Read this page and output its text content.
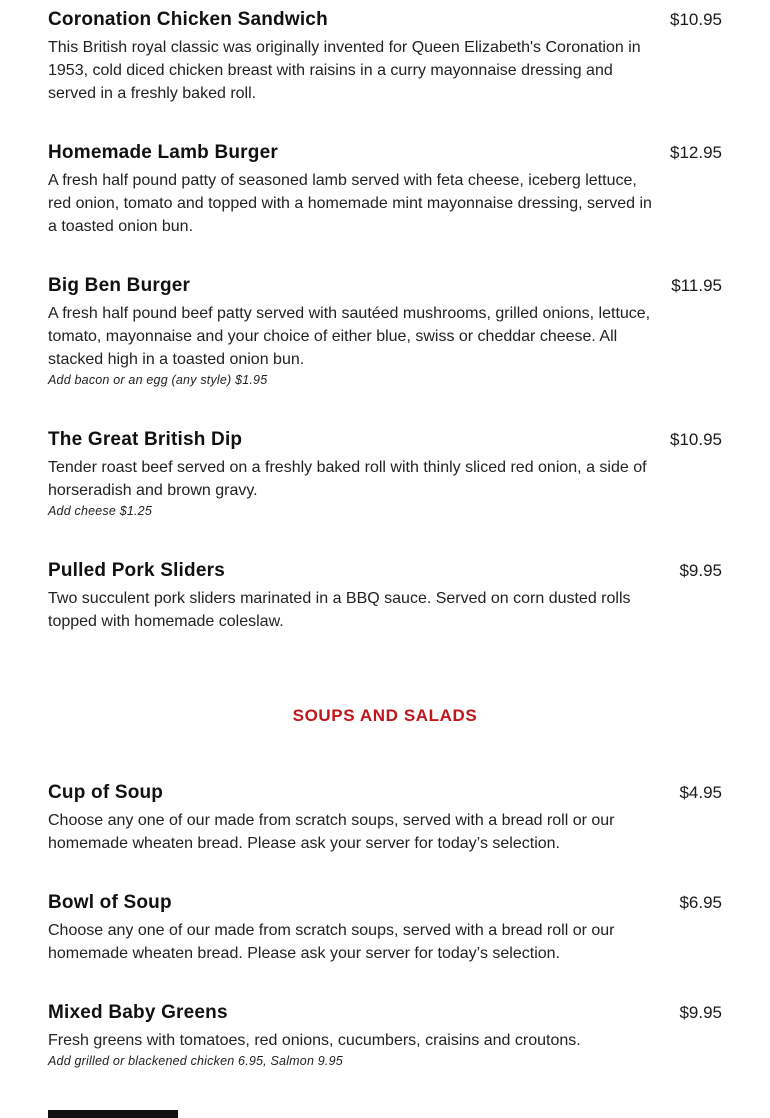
Coronation Chicken Sandwich	$10.95
This British royal classic was originally invented for Queen Elizabeth's Coronation in 1953, cold diced chicken breast with raisins in a curry mayonnaise dressing and served in a freshly baked roll.
Homemade Lamb Burger	$12.95
A fresh half pound patty of seasoned lamb served with feta cheese, iceberg lettuce, red onion, tomato and topped with a homemade mint mayonnaise dressing, served in a toasted onion bun.
Big Ben Burger	$11.95
A fresh half pound beef patty served with sautéed mushrooms, grilled onions, lettuce, tomato, mayonnaise and your choice of either blue, swiss or cheddar cheese. All stacked high in a toasted onion bun.
Add bacon or an egg (any style) $1.95
The Great British Dip	$10.95
Tender roast beef served on a freshly baked roll with thinly sliced red onion, a side of horseradish and brown gravy.
Add cheese $1.25
Pulled Pork Sliders	$9.95
Two succulent pork sliders marinated in a BBQ sauce. Served on corn dusted rolls topped with homemade coleslaw.
SOUPS AND SALADS
Cup of Soup	$4.95
Choose any one of our made from scratch soups, served with a bread roll or our homemade wheaten bread. Please ask your server for today’s selection.
Bowl of Soup	$6.95
Choose any one of our made from scratch soups, served with a bread roll or our homemade wheaten bread. Please ask your server for today’s selection.
Mixed Baby Greens	$9.95
Fresh greens with tomatoes, red onions, cucumbers, craisins and croutons.
Add grilled or blackened chicken 6.95, Salmon 9.95
